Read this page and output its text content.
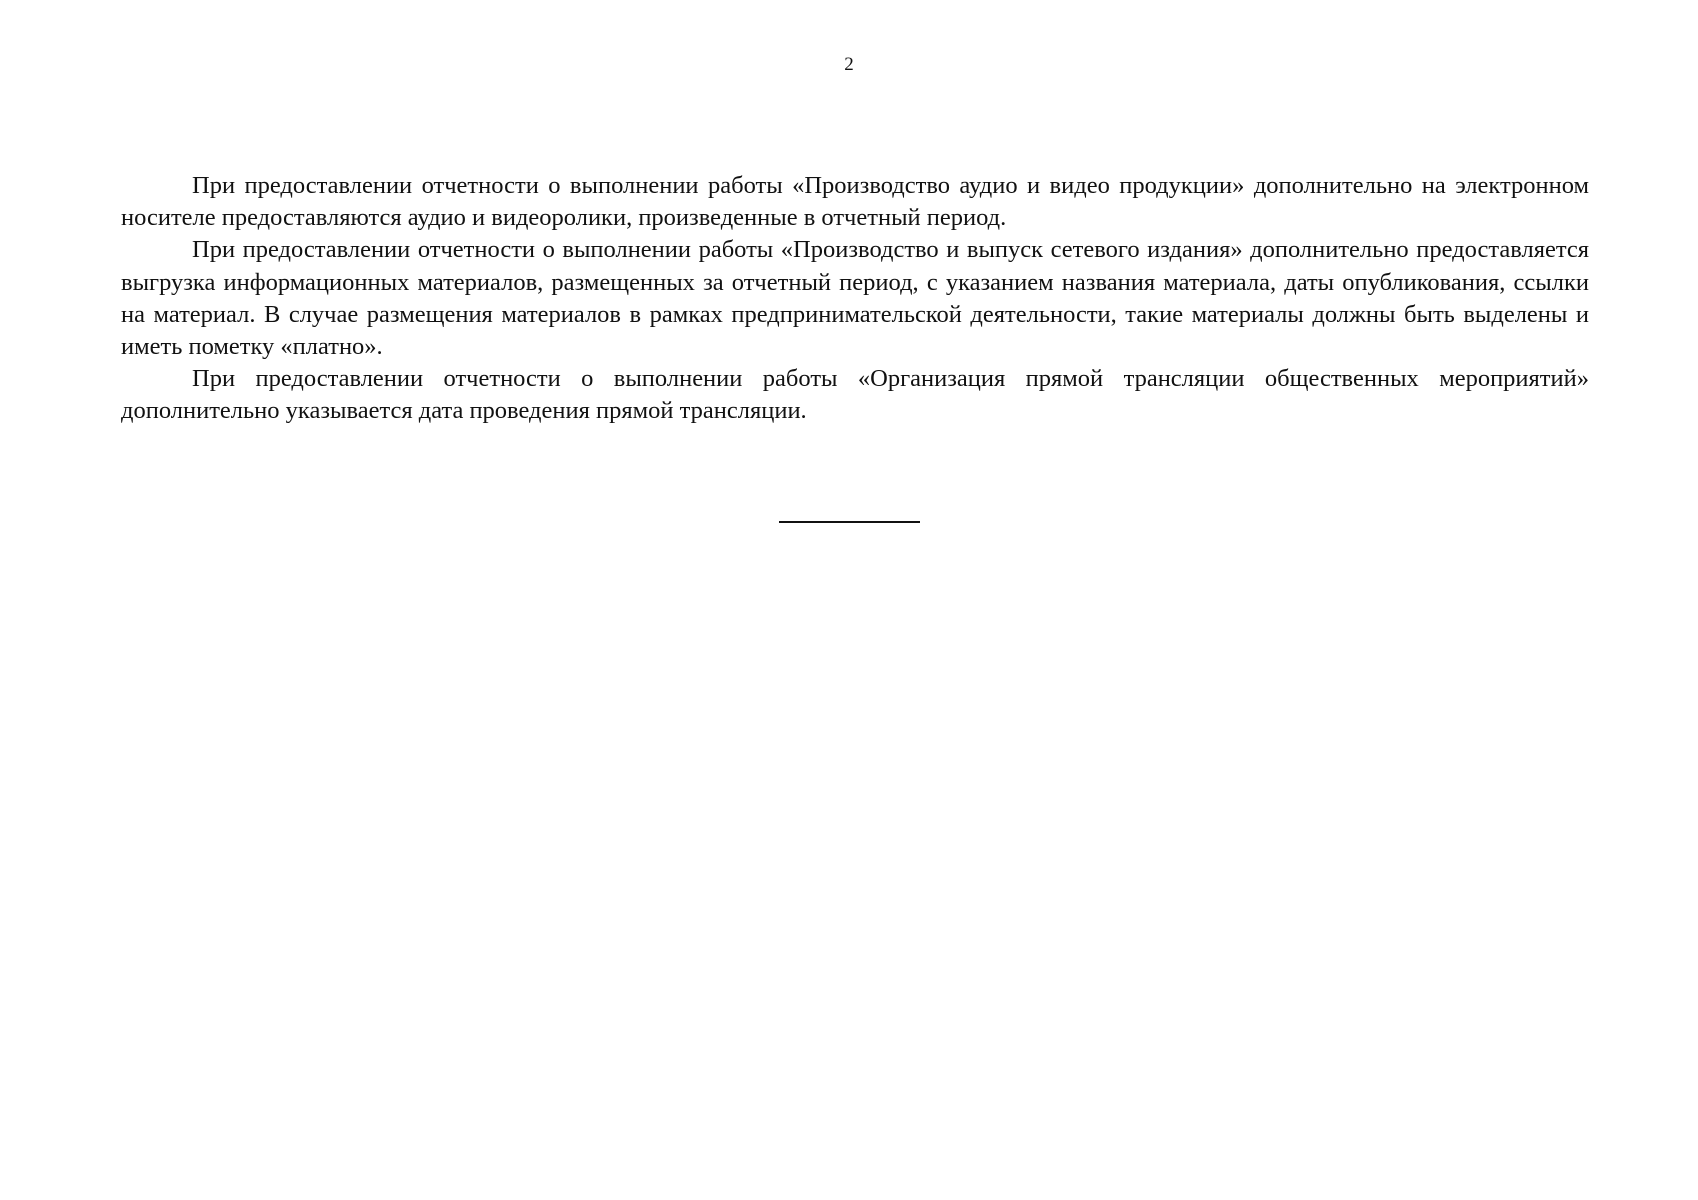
2

При предоставлении отчетности о выполнении работы «Производство аудио и видео продукции» дополнительно на электронном носителе предоставляются аудио и видеоролики, произведенные в отчетный период.

При предоставлении отчетности о выполнении работы «Производство и выпуск сетевого издания» дополнительно предоставляется выгрузка информационных материалов, размещенных за отчетный период, с указанием названия материала, даты опубликования, ссылки на материал. В случае размещения материалов в рамках предпринимательской деятельности, такие материалы должны быть выделены и иметь пометку «платно».

При предоставлении отчетности о выполнении работы «Организация прямой трансляции общественных мероприятий» дополнительно указывается дата проведения прямой трансляции.
